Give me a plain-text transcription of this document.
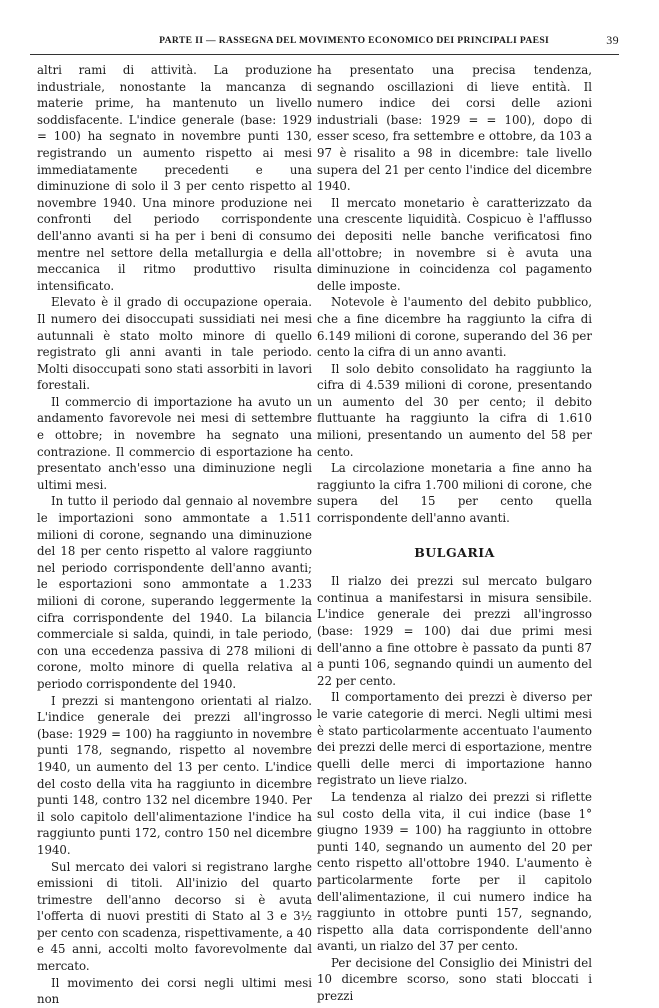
PARTE II — RASSEGNA DEL MOVIMENTO ECONOMICO DEI PRINCIPALI PAESI	39

altri rami di attività. La produzione industriale, nonostante la mancanza di materie prime, ha mantenuto un livello soddisfacente. L'indice generale (base: 1929 = 100) ha segnato in novembre punti 130, registrando un aumento rispetto ai mesi immediatamente precedenti e una diminuzione di solo il 3 per cento rispetto al novembre 1940. Una minore produzione nei confronti del periodo corrispondente dell'anno avanti si ha per i beni di consumo mentre nel settore della metallurgia e della meccanica il ritmo produttivo risulta intensificato.

Elevato è il grado di occupazione operaia. Il numero dei disoccupati sussidiati nei mesi autunnali è stato molto minore di quello registrato gli anni avanti in tale periodo. Molti disoccupati sono stati assorbiti in lavori forestali.

Il commercio di importazione ha avuto un andamento favorevole nei mesi di settembre e ottobre; in novembre ha segnato una contrazione. Il commercio di esportazione ha presentato anch'esso una diminuzione negli ultimi mesi.

In tutto il periodo dal gennaio al novembre le importazioni sono ammontate a 1.511 milioni di corone, segnando una diminuzione del 18 per cento rispetto al valore raggiunto nel periodo corrispondente dell'anno avanti; le esportazioni sono ammontate a 1.233 milioni di corone, superando leggermente la cifra corrispondente del 1940. La bilancia commerciale si salda, quindi, in tale periodo, con una eccedenza passiva di 278 milioni di corone, molto minore di quella relativa al periodo corrispondente del 1940.

I prezzi si mantengono orientati al rialzo. L'indice generale dei prezzi all'ingrosso (base: 1929 = 100) ha raggiunto in novembre punti 178, segnando, rispetto al novembre 1940, un aumento del 13 per cento. L'indice del costo della vita ha raggiunto in dicembre punti 148, contro 132 nel dicembre 1940. Per il solo capitolo dell'alimentazione l'indice ha raggiunto punti 172, contro 150 nel dicembre 1940.

Sul mercato dei valori si registrano larghe emissioni di titoli. All'inizio del quarto trimestre dell'anno decorso si è avuta l'offerta di nuovi prestiti di Stato al 3 e 3½ per cento con scadenza, rispettivamente, a 40 e 45 anni, accolti molto favorevolmente dal mercato.

Il movimento dei corsi negli ultimi mesi non

ha presentato una precisa tendenza, segnando oscillazioni di lieve entità. Il numero indice dei corsi delle azioni industriali (base: 1929 = = 100), dopo di esser sceso, fra settembre e ottobre, da 103 a 97 è risalito a 98 in dicembre: tale livello supera del 21 per cento l'indice del dicembre 1940.

Il mercato monetario è caratterizzato da una crescente liquidità. Cospicuo è l'afflusso dei depositi nelle banche verificatosi fino all'ottobre; in novembre si è avuta una diminuzione in coincidenza col pagamento delle imposte.

Notevole è l'aumento del debito pubblico, che a fine dicembre ha raggiunto la cifra di 6.149 milioni di corone, superando del 36 per cento la cifra di un anno avanti.

Il solo debito consolidato ha raggiunto la cifra di 4.539 milioni di corone, presentando un aumento del 30 per cento; il debito fluttuante ha raggiunto la cifra di 1.610 milioni, presentando un aumento del 58 per cento.

La circolazione monetaria a fine anno ha raggiunto la cifra 1.700 milioni di corone, che supera del 15 per cento quella corrispondente dell'anno avanti.

BULGARIA

Il rialzo dei prezzi sul mercato bulgaro continua a manifestarsi in misura sensibile. L'indice generale dei prezzi all'ingrosso (base: 1929 = 100) dai due primi mesi dell'anno a fine ottobre è passato da punti 87 a punti 106, segnando quindi un aumento del 22 per cento.

Il comportamento dei prezzi è diverso per le varie categorie di merci. Negli ultimi mesi è stato particolarmente accentuato l'aumento dei prezzi delle merci di esportazione, mentre quelli delle merci di importazione hanno registrato un lieve rialzo.

La tendenza al rialzo dei prezzi si riflette sul costo della vita, il cui indice (base 1° giugno 1939 = 100) ha raggiunto in ottobre punti 140, segnando un aumento del 20 per cento rispetto all'ottobre 1940. L'aumento è particolarmente forte per il capitolo dell'alimentazione, il cui numero indice ha raggiunto in ottobre punti 157, segnando, rispetto alla data corrispondente dell'anno avanti, un rialzo del 37 per cento.

Per decisione del Consiglio dei Ministri del 10 dicembre scorso, sono stati bloccati i prezzi
